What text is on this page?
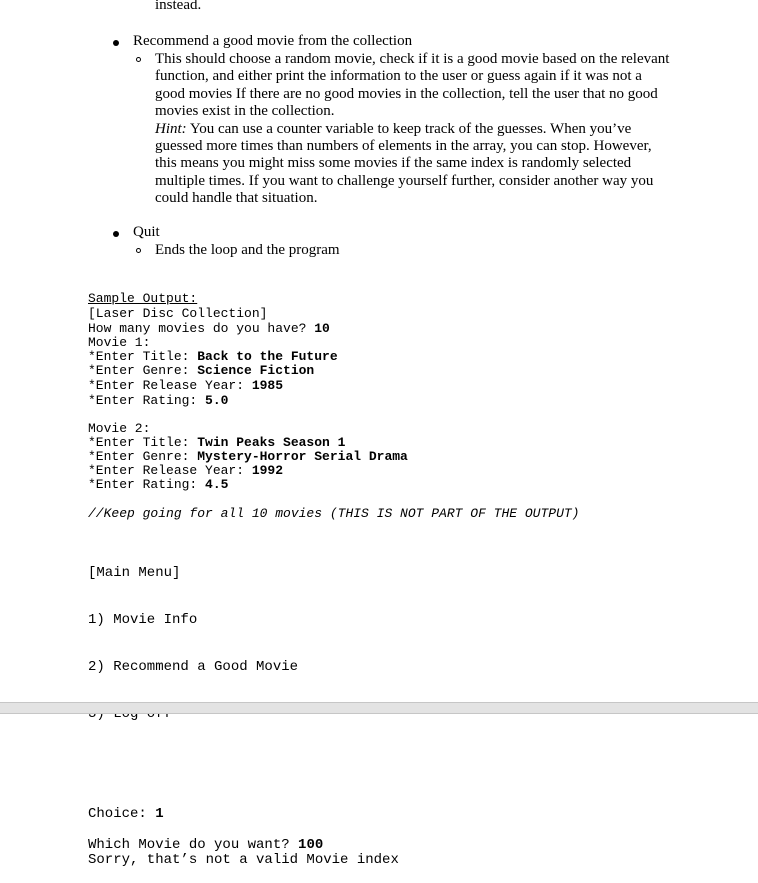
instead.
Recommend a good movie from the collection
This should choose a random movie, check if it is a good movie based on the relevant
function, and either print the information to the user or guess again if it was not a
good movies If there are no good movies in the collection, tell the user that no good
movies exist in the collection.
Hint: You can use a counter variable to keep track of the guesses. When you’ve
guessed more times than numbers of elements in the array, you can stop. However,
this means you might miss some movies if the same index is randomly selected
multiple times. If you want to challenge yourself further, consider another way you
could handle that situation.
Quit
Ends the loop and the program
Sample Output:
[Laser Disc Collection]
How many movies do you have? 10
Movie 1:
*Enter Title: Back to the Future
*Enter Genre: Science Fiction
*Enter Release Year: 1985
*Enter Rating: 5.0
Movie 2:
*Enter Title: Twin Peaks Season 1
*Enter Genre: Mystery-Horror Serial Drama
*Enter Release Year: 1992
*Enter Rating: 4.5
//Keep going for all 10 movies (THIS IS NOT PART OF THE OUTPUT)

[Main Menu]

1) Movie Info

2) Recommend a Good Movie

Choice: 1
Which Movie do you want? 100
Sorry, that’s not a valid Movie index
